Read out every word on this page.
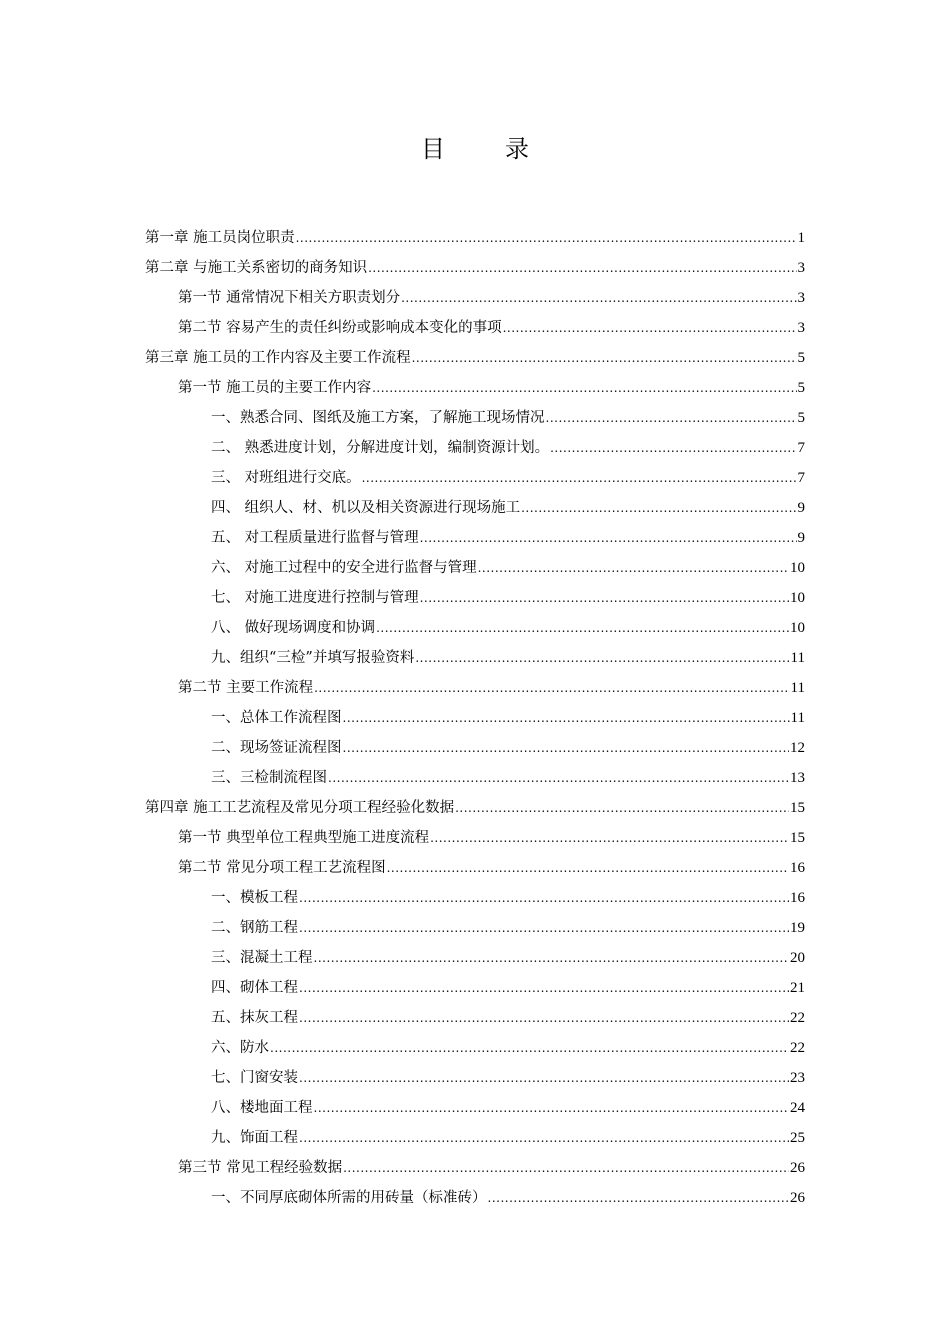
目　录
第一章 施工员岗位职责 .....	1
第二章 与施工关系密切的商务知识 .....	3
第一节 通常情况下相关方职责划分 .....	3
第二节 容易产生的责任纠纷或影响成本变化的事项 .....	3
第三章 施工员的工作内容及主要工作流程 .....	5
第一节 施工员的主要工作内容 .....	5
一、熟悉合同、图纸及施工方案，了解施工现场情况 .....	5
二、 熟悉进度计划，分解进度计划，编制资源计划。 .....	7
三、 对班组进行交底。 .....	7
四、 组织人、材、机以及相关资源进行现场施工 .....	9
五、 对工程质量进行监督与管理 .....	9
六、 对施工过程中的安全进行监督与管理 .....	10
七、 对施工进度进行控制与管理 .....	10
八、 做好现场调度和协调 .....	10
九、组织“三检”并填写报验资料 .....	11
第二节 主要工作流程 .....	11
一、总体工作流程图 .....	11
二、现场签证流程图 .....	12
三、三检制流程图 .....	13
第四章 施工工艺流程及常见分项工程经验化数据 .....	15
第一节 典型单位工程典型施工进度流程 .....	15
第二节 常见分项工程工艺流程图 .....	16
一、模板工程 .....	16
二、钢筋工程 .....	19
三、混凝土工程 .....	20
四、砌体工程 .....	21
五、抹灰工程 .....	22
六、防水 .....	22
七、门窗安装 .....	23
八、楼地面工程 .....	24
九、饰面工程 .....	25
第三节 常见工程经验数据 .....	26
一、不同厚底砌体所需的用砖量（标准砖） .....	26
